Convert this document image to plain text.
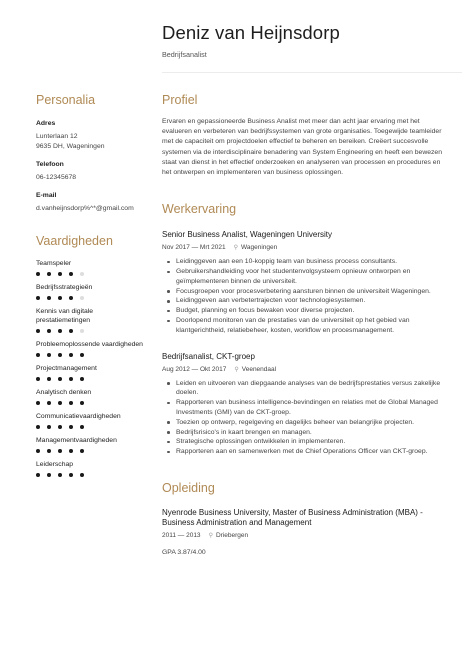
Deniz van Heijnsdorp
Bedrijfsanalist
Personalia
Adres
Lunterlaan 12
9635 DH, Wageningen
Telefoon
06-12345678
E-mail
d.vanheijnsdorp%^*@gmail.com
Vaardigheden
Teamspeler
Bedrijfsstrategieën
Kennis van digitale prestatiemetingen
Probleemoplossende vaardigheden
Projectmanagement
Analytisch denken
Communicatievaardigheden
Managementvaardigheden
Leiderschap
Profiel

Ervaren en gepassioneerde Business Analist met meer dan acht jaar ervaring met het evalueren en verbeteren van bedrijfssystemen van grote organisaties. Toegewijde teamleider met de capaciteit om projectdoelen effectief te beheren en bereiken. Creëert succesvolle systemen via de interdisciplinaire benadering van System Engineering en heeft een bewezen staat van dienst in het effectief onderzoeken en analyseren van processen en procedures en het ontwerpen en implementeren van business oplossingen.

Werkervaring
Senior Business Analist, Wageningen University
Nov 2017 — Mrt 2021 ⚲ Wageningen
Leidinggeven aan een 10-koppig team van business process consultants.
Gebruikershandleiding voor het studentenvolgsysteem opnieuw ontworpen en geïmplementeren binnen de universiteit.
Focusgroepen voor procesverbetering aansturen binnen de universiteit Wageningen.
Leidinggeven aan verbetertrajecten voor technologiesystemen.
Budget, planning en focus bewaken voor diverse projecten.
Doorlopend monitoren van de prestaties van de universiteit op het gebied van klantgerichtheid, relatiebeheer, kosten, workflow en procesmanagement.
Bedrijfsanalist, CKT-groep
Aug 2012 — Okt 2017 ⚲ Veenendaal
Leiden en uitvoeren van diepgaande analyses van de bedrijfsprestaties versus zakelijke doelen.
Rapporteren van business intelligence-bevindingen en relaties met de Global Managed Investments (GMI) van de CKT-groep.
Toezien op ontwerp, regelgeving en dagelijks beheer van belangrijke projecten.
Bedrijfsrisico's in kaart brengen en managen.
Strategische oplossingen ontwikkelen in implementeren.
Rapporteren aan en samenwerken met de Chief Operations Officer van CKT-groep.
Opleiding
Nyenrode Business University, Master of Business Administration (MBA) - Business Administration and Management
2011 — 2013 ⚲ Driebergen
GPA 3.87/4.00
